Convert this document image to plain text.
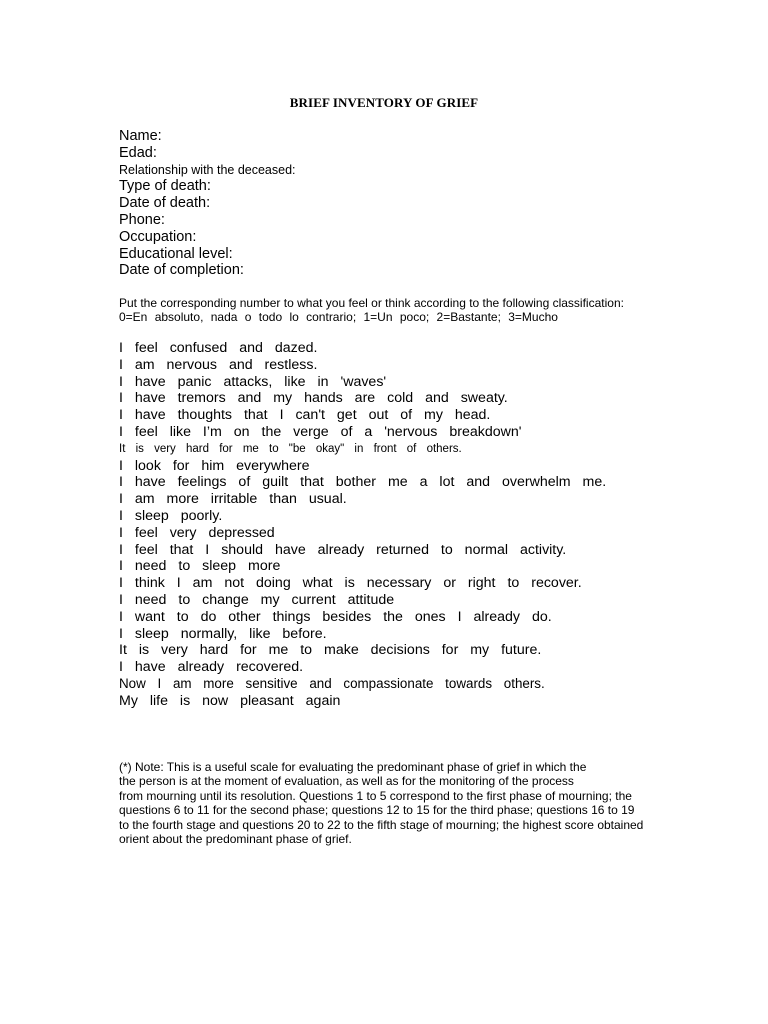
BRIEF INVENTORY OF GRIEF
Name:
Edad:
Relationship with the deceased:
Type of death:
Date of death:
Phone:
Occupation:
Educational level:
Date of completion:
Put the corresponding number to what you feel or think according to the following classification:
0=En absoluto, nada o todo lo contrario; 1=Un poco; 2=Bastante; 3=Mucho
I feel confused and dazed.
I am nervous and restless.
I have panic attacks, like in 'waves'
I have tremors and my hands are cold and sweaty.
I have thoughts that I can't get out of my head.
I feel like I’m on the verge of a 'nervous breakdown'
It is very hard for me to "be okay" in front of others.
I look for him everywhere
I have feelings of guilt that bother me a lot and overwhelm me.
I am more irritable than usual.
I sleep poorly.
I feel very depressed
I feel that I should have already returned to normal activity.
I need to sleep more
I think I am not doing what is necessary or right to recover.
I need to change my current attitude
I want to do other things besides the ones I already do.
I sleep normally, like before.
It is very hard for me to make decisions for my future.
I have already recovered.
Now I am more sensitive and compassionate towards others.
My life is now pleasant again
(*) Note: This is a useful scale for evaluating the predominant phase of grief in which the
the person is at the moment of evaluation, as well as for the monitoring of the process
from mourning until its resolution. Questions 1 to 5 correspond to the first phase of mourning; the
questions 6 to 11 for the second phase; questions 12 to 15 for the third phase; questions 16 to 19
to the fourth stage and questions 20 to 22 to the fifth stage of mourning; the highest score obtained
orient about the predominant phase of grief.
